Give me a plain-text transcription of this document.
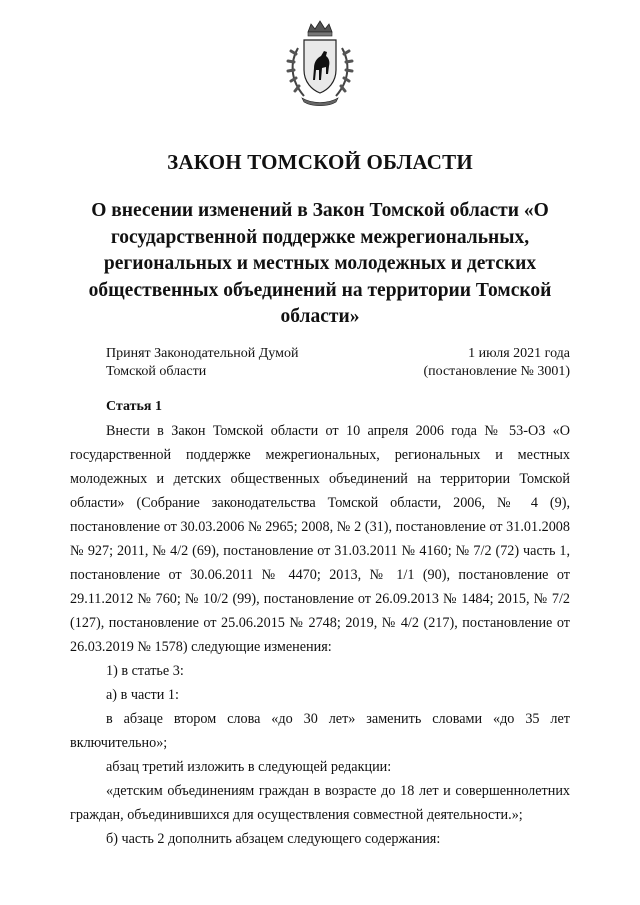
ЗАКОН ТОМСКОЙ ОБЛАСТИ
О внесении изменений в Закон Томской области «О государственной поддержке межрегиональных, региональных и местных молодежных и детских общественных объединений на территории Томской области»
Принят Законодательной Думой
Томской области
1 июля 2021 года
(постановление № 3001)
Статья 1

Внести в Закон Томской области от 10 апреля 2006 года № 53-ОЗ «О государственной поддержке межрегиональных, региональных и местных молодежных и детских общественных объединений на территории Томской области» (Собрание законодательства Томской области, 2006, № 4 (9), постановление от 30.03.2006 № 2965; 2008, № 2 (31), постановление от 31.01.2008 № 927; 2011, № 4/2 (69), постановление от 31.03.2011 № 4160; № 7/2 (72) часть 1, постановление от 30.06.2011 № 4470; 2013, № 1/1 (90), постановление от 29.11.2012 № 760; № 10/2 (99), постановление от 26.09.2013 № 1484; 2015, № 7/2 (127), постановление от 25.06.2015 № 2748; 2019, № 4/2 (217), постановление от 26.03.2019 № 1578) следующие изменения:

1) в статье 3:

а) в части 1:

в абзаце втором слова «до 30 лет» заменить словами «до 35 лет включительно»;

абзац третий изложить в следующей редакции:

«детским объединениям граждан в возрасте до 18 лет и совершеннолетних граждан, объединившихся для осуществления совместной деятельности.»;

б) часть 2 дополнить абзацем следующего содержания:
